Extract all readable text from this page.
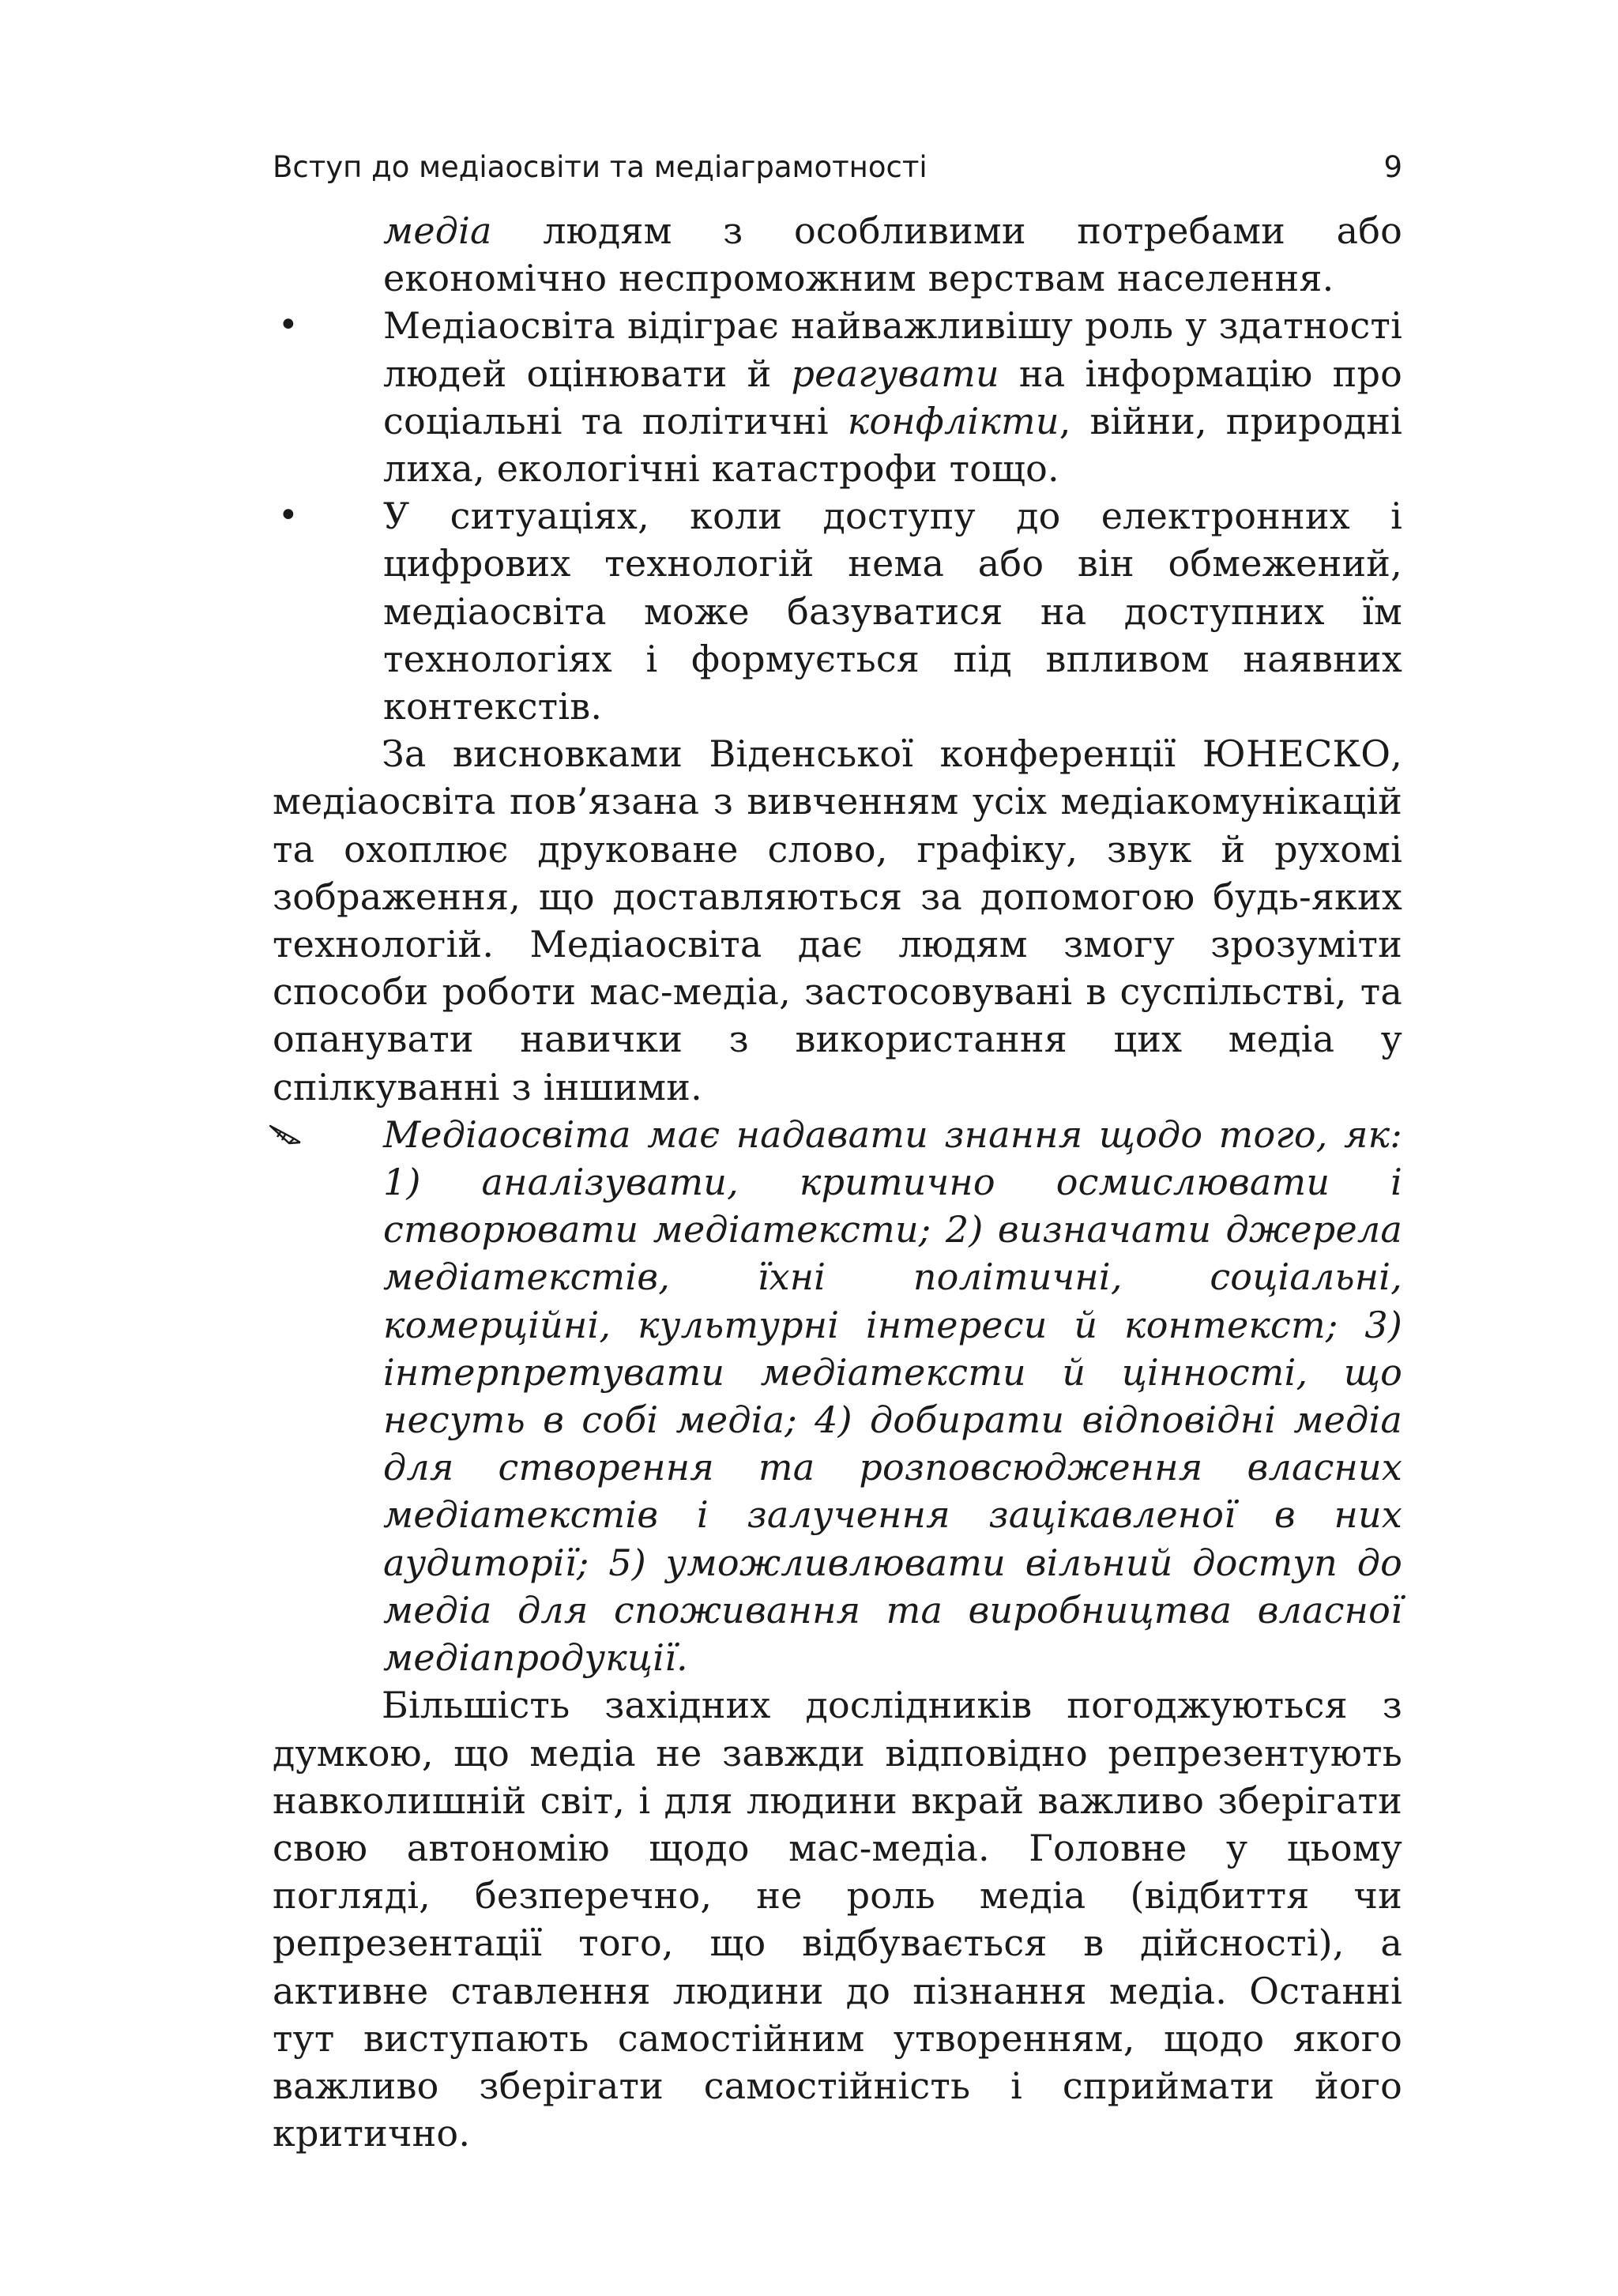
Вступ до медіаосвіти та медіаграмотності	9
медіа людям з особливими потребами або економічно неспроможним верствам населення.
• Медіаосвіта відіграє найважливішу роль у здатності людей оцінювати й реагувати на інформацію про соціальні та політичні конфлікти, війни, природні лиха, екологічні катастрофи тощо.
• У ситуаціях, коли доступу до електронних і цифрових технологій нема або він обмежений, медіаосвіта може базуватися на доступних їм технологіях і формується під впливом наявних контекстів.

За висновками Віденської конференції ЮНЕСКО, медіаосвіта пов’язана з вивченням усіх медіакомунікацій та охоплює друковане слово, графіку, звук й рухомі зображення, що доставляються за допомогою будь-яких технологій. Медіаосвіта дає людям змогу зрозуміти способи роботи мас-медіа, застосовувані в суспільстві, та опанувати навички з використання цих медіа у спілкуванні з іншими.

Медіаосвіта має надавати знання щодо того, як: 1) аналізувати, критично осмислювати і створювати медіатексти; 2) визначати джерела медіатекстів, їхні політичні, соціальні, комерційні, культурні інтереси й контекст; 3) інтерпретувати медіатексти й цінності, що несуть в собі медіа; 4) добирати відповідні медіа для створення та розповсюдження власних медіатекстів і залучення зацікавленої в них аудиторії; 5) уможливлювати вільний доступ до медіа для споживання та виробництва власної медіапродукції.

Більшість західних дослідників погоджуються з думкою, що медіа не завжди відповідно репрезентують навколишній світ, і для людини вкрай важливо зберігати свою автономію щодо мас-медіа. Головне у цьому погляді, безперечно, не роль медіа (відбиття чи репрезентації того, що відбувається в дійсності), а активне ставлення людини до пізнання медіа. Останні тут виступають самостійним утворенням, щодо якого важливо зберігати самостійність і сприймати його критично.
